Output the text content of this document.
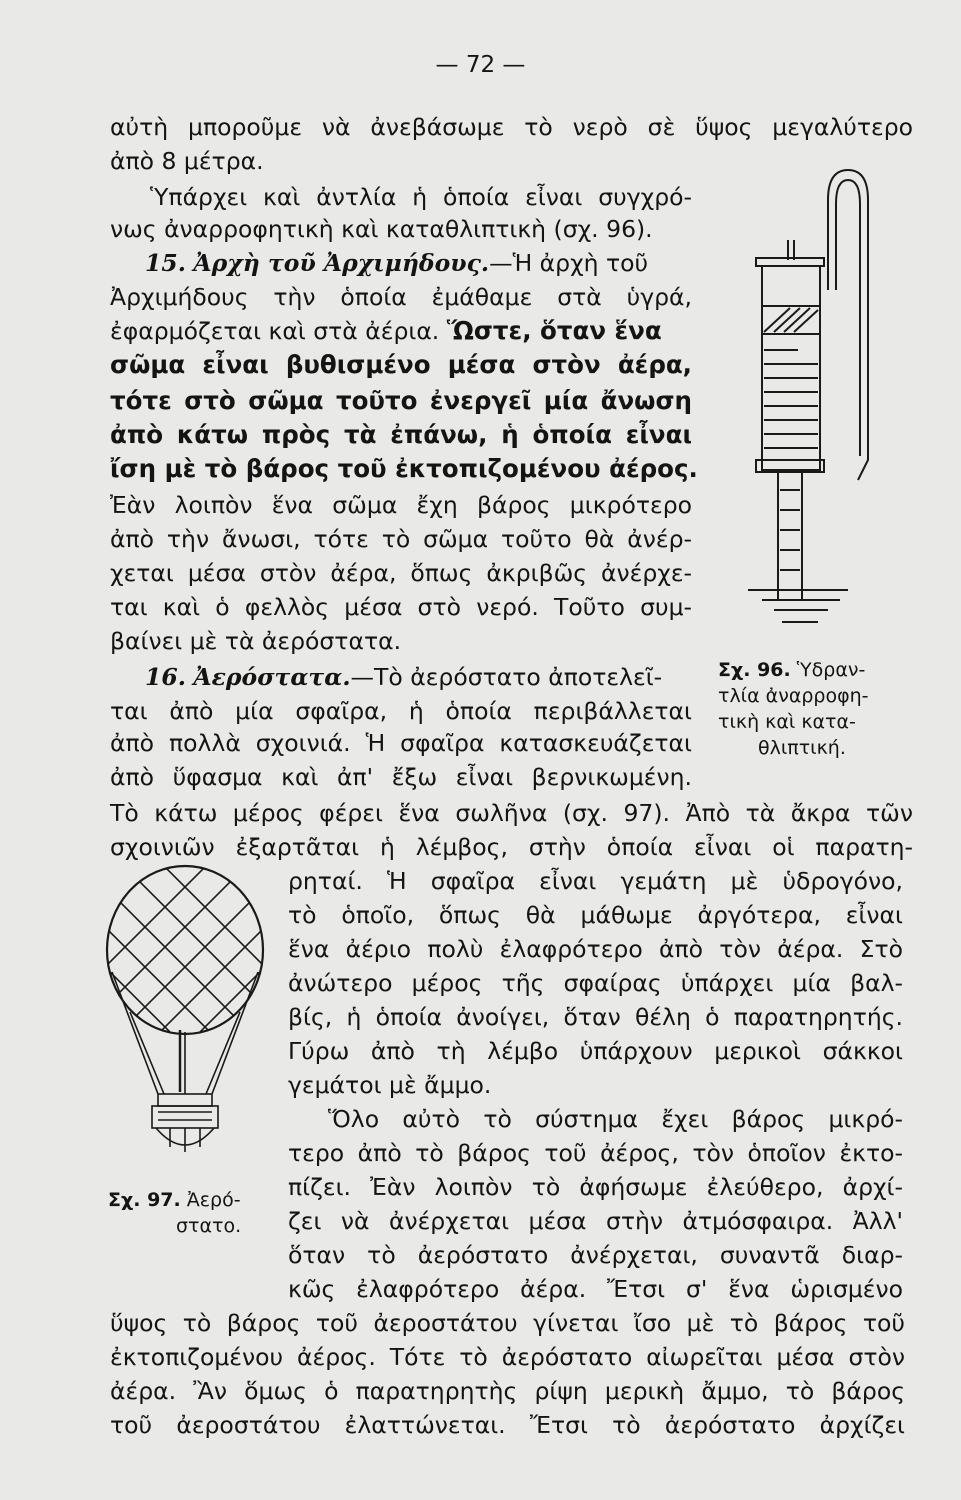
— 72 —

αὐτὴ μποροῦμε νὰ ἀνεβάσωμε τὸ νερὸ σὲ ὕψος μεγαλύτερο

ἀπὸ 8 μέτρα.

Ὑπάρχει καὶ ἀντλία ἡ ὁποία εἶναι συγχρό-

νως ἀναρροφητικὴ καὶ καταθλιπτικὴ (σχ. 96).

15. Ἀρχὴ τοῦ Ἀρχιμήδους.—Ἡ ἀρχὴ τοῦ

Ἀρχιμήδους τὴν ὁποία ἐμάθαμε στὰ ὑγρά,

ἐφαρμόζεται καὶ στὰ ἀέρια. Ὥστε, ὅταν ἕνα

σῶμα εἶναι βυθισμένο μέσα στὸν ἀέρα,

τότε στὸ σῶμα τοῦτο ἐνεργεῖ μία ἄνωση

ἀπὸ κάτω πρὸς τὰ ἐπάνω, ἡ ὁποία εἶναι

ἴση μὲ τὸ βάρος τοῦ ἐκτοπιζομένου ἀέρος.

Ἐὰν λοιπὸν ἕνα σῶμα ἔχη βάρος μικρότερο

ἀπὸ τὴν ἄνωσι, τότε τὸ σῶμα τοῦτο θὰ ἀνέρ-

χεται μέσα στὸν ἀέρα, ὅπως ἀκριβῶς ἀνέρχε-

ται καὶ ὁ φελλὸς μέσα στὸ νερό. Τοῦτο συμ-

βαίνει μὲ τὰ ἀερόστατα.

16. Ἀερόστατα.—Τὸ ἀερόστατο ἀποτελεῖ-

ται ἀπὸ μία σφαῖρα, ἡ ὁποία περιβάλλεται

ἀπὸ πολλὰ σχοινιά. Ἡ σφαῖρα κατασκευάζεται

ἀπὸ ὕφασμα καὶ ἀπ' ἔξω εἶναι βερνικωμένη.

Τὸ κάτω μέρος φέρει ἕνα σωλῆνα (σχ. 97). Ἀπὸ τὰ ἄκρα τῶν

σχοινιῶν ἐξαρτᾶται ἡ λέμβος, στὴν ὁποία εἶναι οἱ παρατη-

ρηταί. Ἡ σφαῖρα εἶναι γεμάτη μὲ ὑδρογόνο,

τὸ ὁποῖο, ὅπως θὰ μάθωμε ἀργότερα, εἶναι

ἕνα ἀέριο πολὺ ἐλαφρότερο ἀπὸ τὸν ἀέρα. Στὸ

ἀνώτερο μέρος τῆς σφαίρας ὑπάρχει μία βαλ-

βίς, ἡ ὁποία ἀνοίγει, ὅταν θέλη ὁ παρατηρητής.

Γύρω ἀπὸ τὴ λέμβο ὑπάρχουν μερικοὶ σάκκοι

γεμάτοι μὲ ἄμμο.

Ὅλο αὐτὸ τὸ σύστημα ἔχει βάρος μικρό-

τερο ἀπὸ τὸ βάρος τοῦ ἀέρος, τὸν ὁποῖον ἐκτο-

πίζει. Ἐὰν λοιπὸν τὸ ἀφήσωμε ἐλεύθερο, ἀρχί-

ζει νὰ ἀνέρχεται μέσα στὴν ἀτμόσφαιρα. Ἀλλ'

ὅταν τὸ ἀερόστατο ἀνέρχεται, συναντᾶ διαρ-

κῶς ἐλαφρότερο ἀέρα. Ἔτσι σ' ἕνα ὡρισμένο

ὕψος τὸ βάρος τοῦ ἀεροστάτου γίνεται ἴσο μὲ τὸ βάρος τοῦ

ἐκτοπιζομένου ἀέρος. Τότε τὸ ἀερόστατο αἰωρεῖται μέσα στὸν

ἀέρα. Ἂν ὅμως ὁ παρατηρητὴς ρίψη μερικὴ ἄμμο, τὸ βάρος

τοῦ ἀεροστάτου ἐλαττώνεται. Ἔτσι τὸ ἀερόστατο ἀρχίζει

Σχ. 96. Ὑδραν-
τλία ἀναρροφη-
τικὴ καὶ κατα-
θλιπτική.
Σχ. 97. Ἀερό-
στατο.
